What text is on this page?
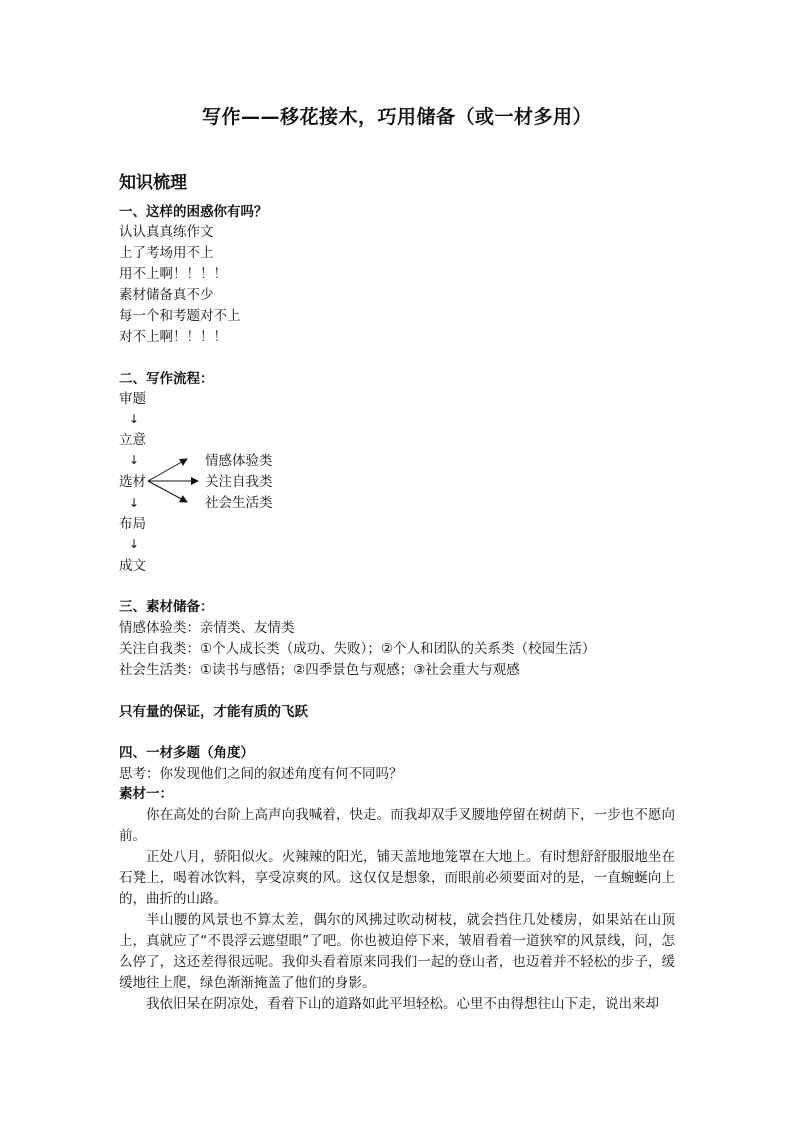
写作——移花接木，巧用储备（或一材多用）
知识梳理
一、这样的困惑你有吗？
认认真真练作文
上了考场用不上
用不上啊！！！！
素材储备真不少
每一个和考题对不上
对不上啊！！！！
二、写作流程：
审题
↓
立意
↓
选材
情感体验类
关注自我类
社会生活类
↓
布局
↓
成文
三、素材储备：
情感体验类：亲情类、友情类
关注自我类：①个人成长类（成功、失败）；②个人和团队的关系类（校园生活）
社会生活类：①读书与感悟；②四季景色与观感；③社会重大与观感
只有量的保证，才能有质的飞跃
四、一材多题（角度）
思考：你发现他们之间的叙述角度有何不同吗？
素材一：
你在高处的台阶上高声向我喊着，快走。而我却双手叉腰地停留在树荫下，一步也不愿向前。
正处八月，骄阳似火。火辣辣的阳光，铺天盖地地笼罩在大地上。有时想舒舒服服地坐在石凳上，喝着冰饮料，享受凉爽的风。这仅仅是想象，而眼前必须要面对的是，一直蜿蜒向上的，曲折的山路。
半山腰的风景也不算太差，偶尔的风拂过吹动树枝，就会挡住几处楼房，如果站在山顶上，真就应了“不畏浮云遮望眼”了吧。你也被迫停下来，皱眉看着一道狭窄的风景线，问，怎么停了，这还差得很远呢。我仰头看着原来同我们一起的登山者，也迈着并不轻松的步子，缓缓地往上爬，绿色渐渐掩盖了他们的身影。
我依旧呆在阴凉处，看着下山的道路如此平坦轻松。心里不由得想往山下走，说出来却
